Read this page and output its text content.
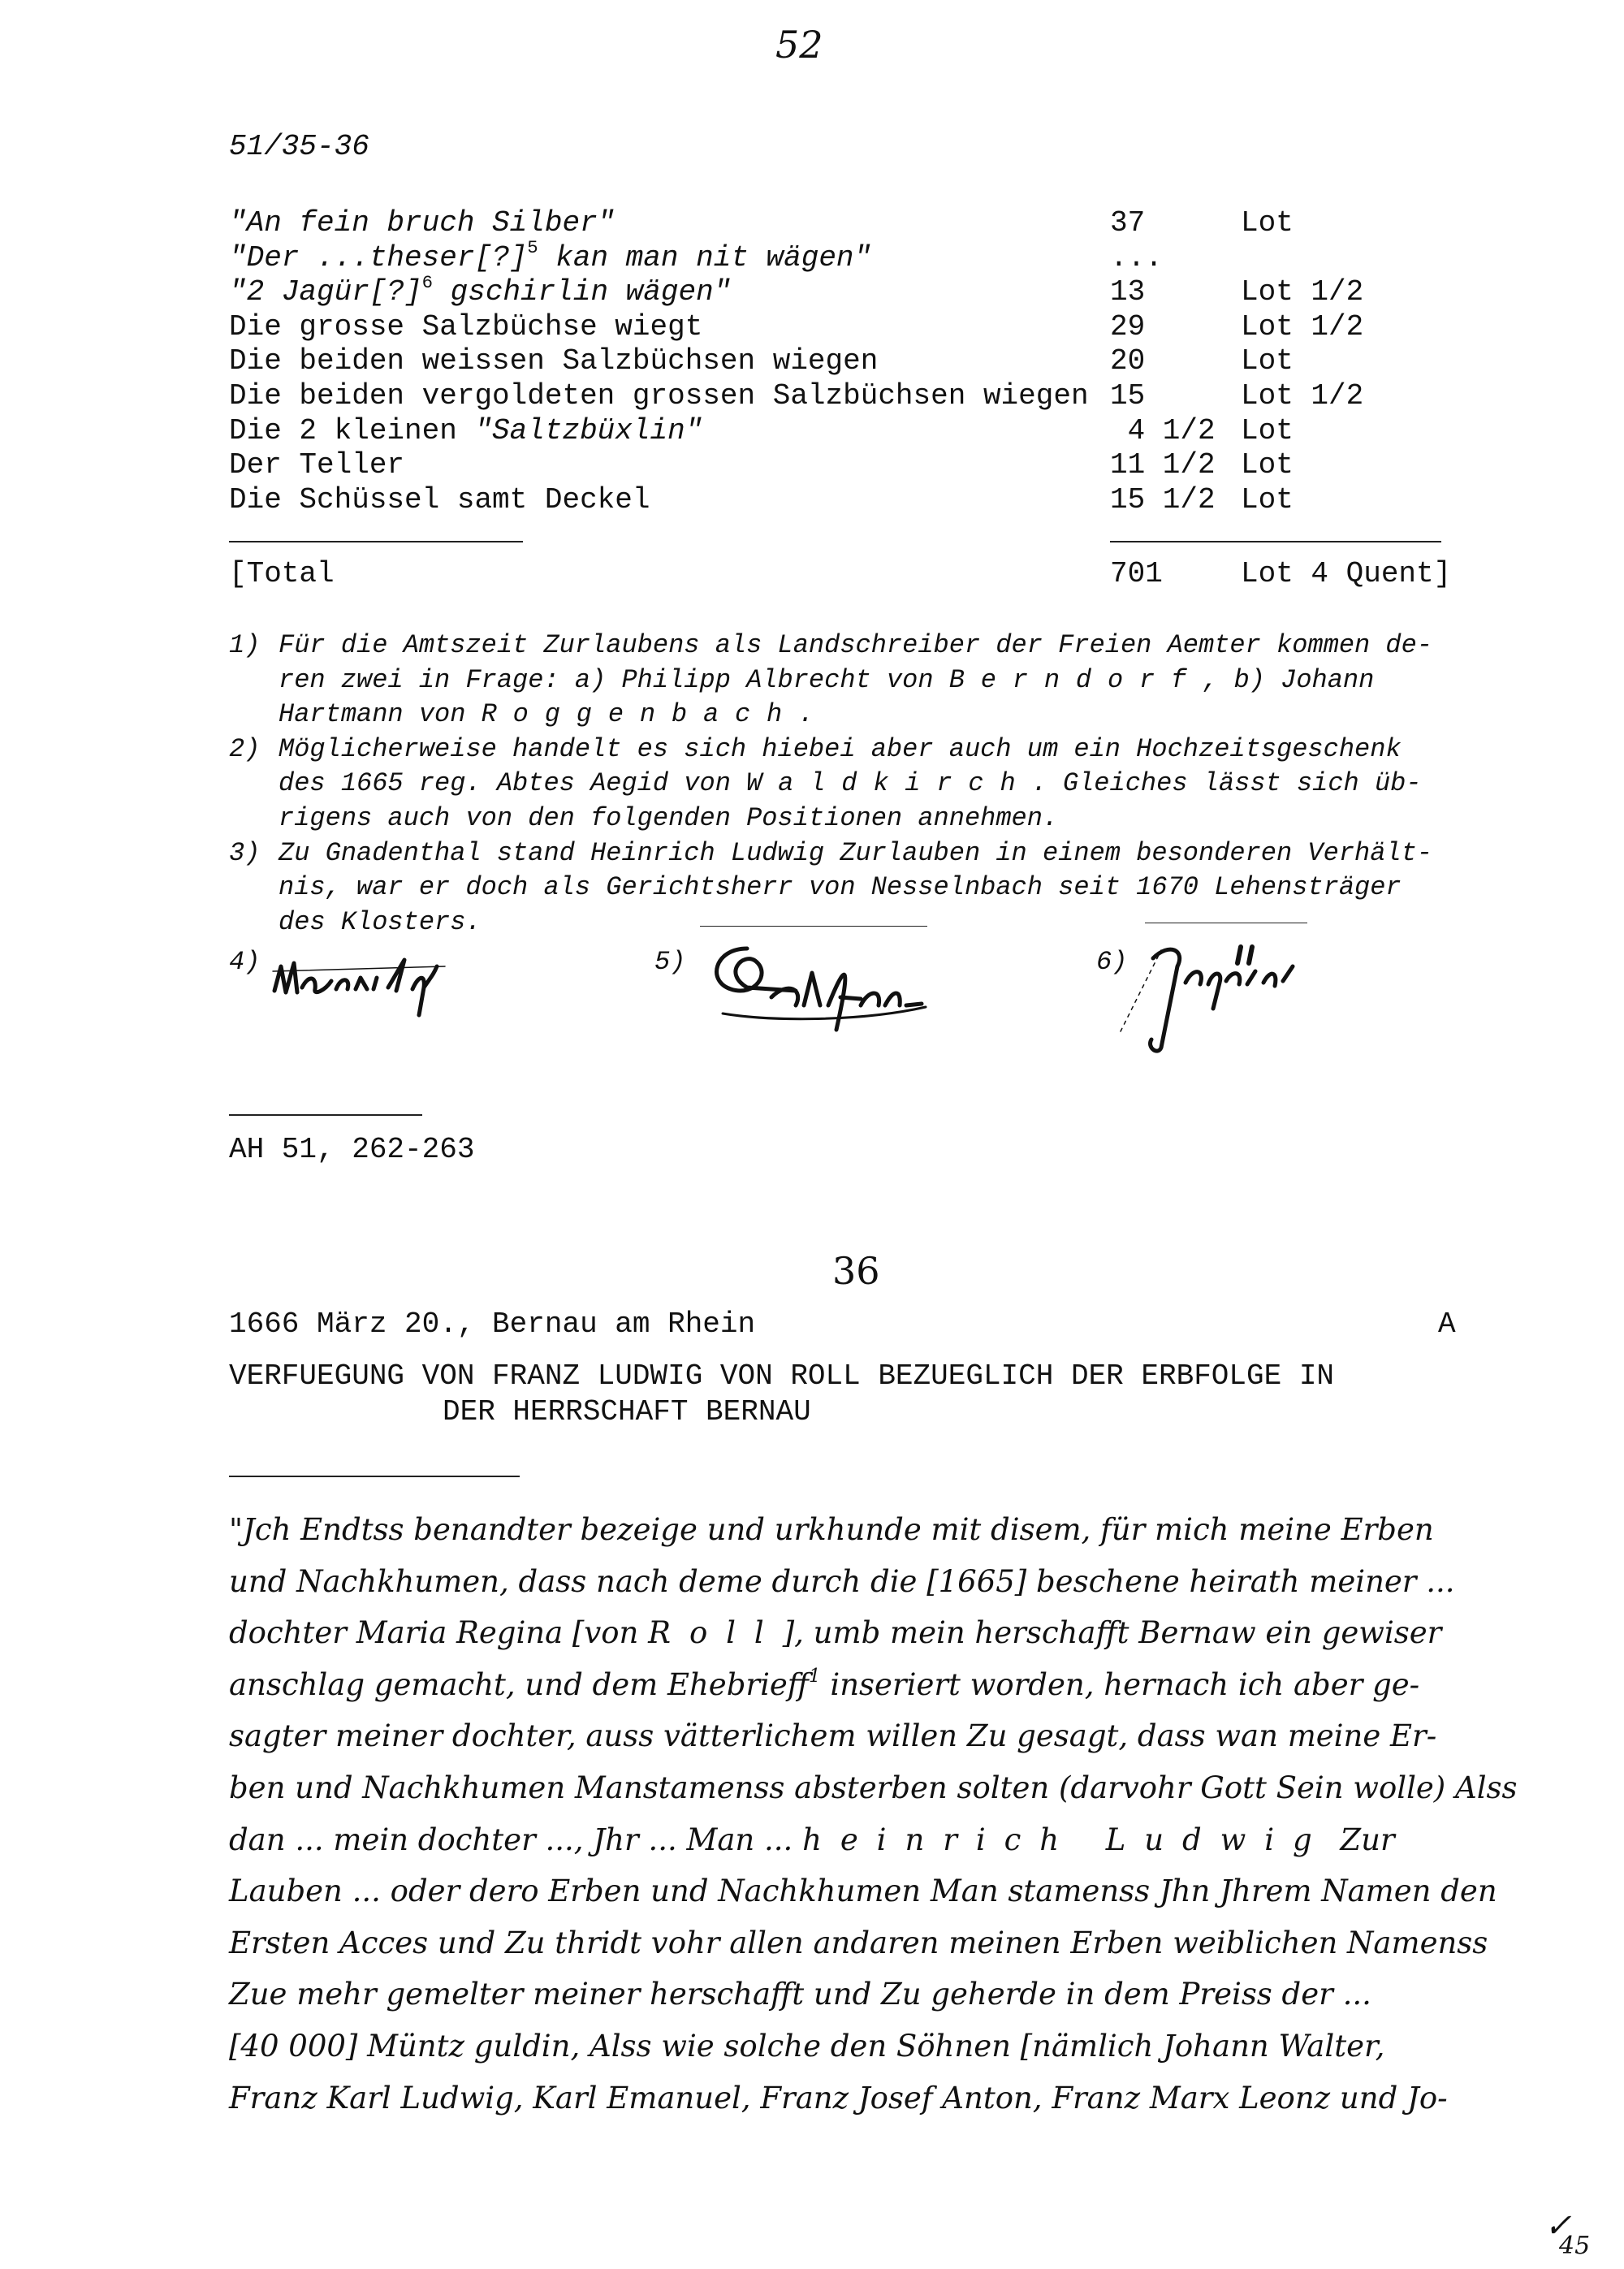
52
51/35-36
"An fein bruch Silber"	37	Lot
"Der ...theser[?]$^5$ kan man nit wägen"	...
"2 Jagür[?]$^6$ gschirlin wägen"	13	Lot 1/2
Die grosse Salzbüchse wiegt	29	Lot 1/2
Die beiden weissen Salzbüchsen wiegen	20	Lot
Die beiden vergoldeten grossen Salzbüchsen wiegen 15	Lot 1/2
Die 2 kleinen "Saltzbüxlin"	4 1/2 Lot
Der Teller	11 1/2 Lot
Die Schüssel samt Deckel	15 1/2 Lot
[Total	701	Lot 4 Quent]
1) Für die Amtszeit Zurlaubens als Landschreiber der Freien Aemter kommen de-
ren zwei in Frage: a) Philipp Albrecht von Berndorf, b) Johann
Hartmann von Roggenbach.
2) Möglicherweise handelt es sich hiebei aber auch um ein Hochzeitsgeschenk
des 1665 reg. Abtes Aegid von Waldkirch. Gleiches lässt sich üb-
rigens auch von den folgenden Positionen annehmen.
3) Zu Gnadenthal stand Heinrich Ludwig Zurlauben in einem besonderen Verhält-
nis, war er doch als Gerichtsherr von Nesselnbach seit 1670 Lehensträger
des Klosters.
4)	5)	6)
AH 51, 262-263
36
1666 März 20., Bernau am Rhein	A
VERFUEGUNG VON FRANZ LUDWIG VON ROLL BEZUEGLICH DER ERBFOLGE IN
DER HERRSCHAFT BERNAU
"Jch Endtss benandter bezeige und urkhunde mit disem, für mich meine Erben
und Nachkhumen, dass nach deme durch die [1665] beschene heirath meiner ...
dochter Maria Regina [von Roll], umb mein herschafft Bernaw ein gewiser
anschlag gemacht, und dem Ehebrieff$^1$ inseriert worden, hernach ich aber ge-
sagter meiner dochter, auss vätterlichem willen Zu gesagt, dass wan meine Er-
ben und Nachkhumen Manstamenss absterben solten (darvohr Gott Sein wolle) Alss
dan ... mein dochter ..., Jhr ... Man ... heinrich Ludwig Zur
Lauben ... oder dero Erben und Nachkhumen Man stamenss Jhn Jhrem Namen den
Ersten Acces und Zu thridt vohr allen andaren meinen Erben weiblichen Namenss
Zue mehr gemelter meiner herschafft und Zu geherde in dem Preiss der ...
[40 000] Müntz guldin, Alss wie solche den Söhnen [nämlich Johann Walter,
Franz Karl Ludwig, Karl Emanuel, Franz Josef Anton, Franz Marx Leonz und Jo-
✓
45
